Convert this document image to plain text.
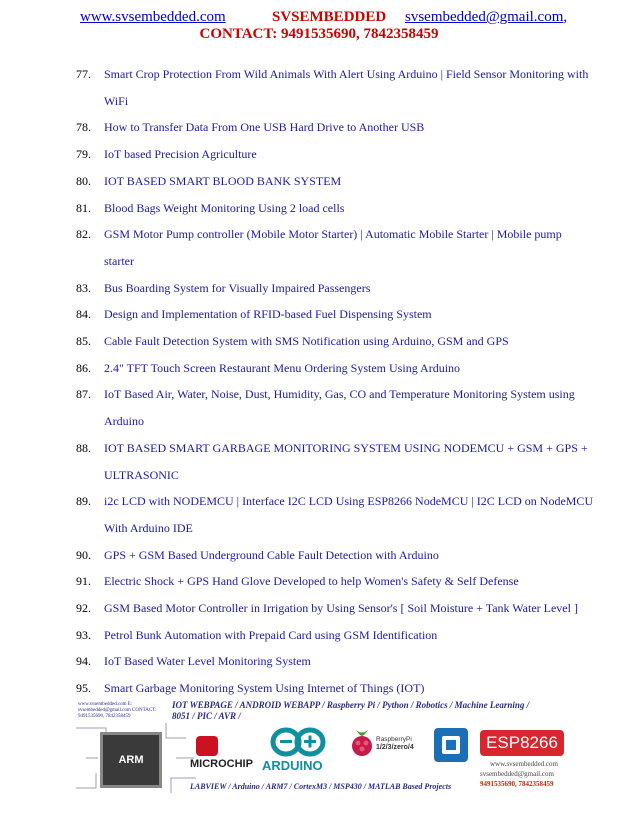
www.svsembedded.com	SVSEMBEDDED svsembedded@gmail.com,
CONTACT: 9491535690, 7842358459
77. Smart Crop Protection From Wild Animals With Alert Using Arduino | Field Sensor Monitoring with
WiFi
78. How to Transfer Data From One USB Hard Drive to Another USB
79. IoT based Precision Agriculture
80. IOT BASED SMART BLOOD BANK SYSTEM
81. Blood Bags Weight Monitoring Using 2 load cells
82. GSM Motor Pump controller (Mobile Motor Starter) | Automatic Mobile Starter | Mobile pump
starter
83. Bus Boarding System for Visually Impaired Passengers
84. Design and Implementation of RFID-based Fuel Dispensing System
85. Cable Fault Detection System with SMS Notification using Arduino, GSM and GPS
86. 2.4" TFT Touch Screen Restaurant Menu Ordering System Using Arduino
87. IoT Based Air, Water, Noise, Dust, Humidity, Gas, CO and Temperature Monitoring System using
Arduino
88. IOT BASED SMART GARBAGE MONITORING SYSTEM USING NODEMCU + GSM + GPS +
ULTRASONIC
89. i2c LCD with NODEMCU | Interface I2C LCD Using ESP8266 NodeMCU | I2C LCD on NodeMCU
With Arduino IDE
90. GPS + GSM Based Underground Cable Fault Detection with Arduino
91. Electric Shock + GPS Hand Glove Developed to help Women's Safety & Self Defense
92. GSM Based Motor Controller in Irrigation by Using Sensor's [ Soil Moisture + Tank Water Level ]
93. Petrol Bunk Automation with Prepaid Card using GSM Identification
94. IoT Based Water Level Monitoring System
95. Smart Garbage Monitoring System Using Internet of Things (IOT)
www.svsembedded.com E: svsembedded@gmail.com CONTACT: 9491535690, 7842358459
IOT WEBPAGE / ANDROID WEBAPP / Raspberry Pi / Python / Robotics / Machine Learning /
8051 / PIC / AVR /
ARM	MICROCHIP ARDUINO
RaspberryPi
1/2/3/zero/4	ESP8266
www.svsembedded.com
svsembedded@gmail.com
9491535690, 7842358459
LABVIEW / Arduino / ARM7 / CortexM3 / MSP430 / MATLAB Based Projects
